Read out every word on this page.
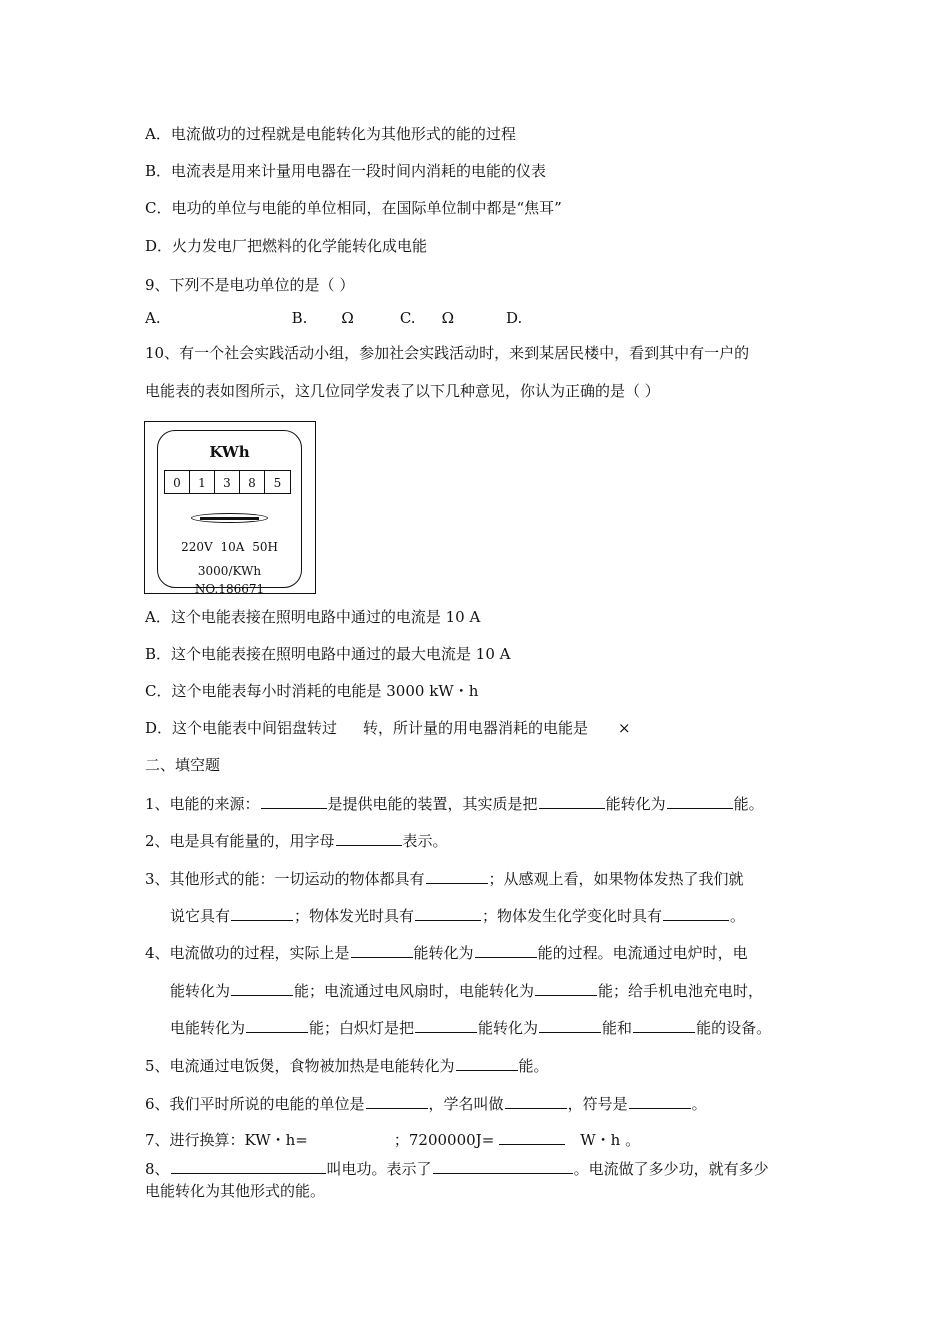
A．电流做功的过程就是电能转化为其他形式的能的过程
B．电流表是用来计量用电器在一段时间内消耗的电能的仪表
C．电功的单位与电能的单位相同，在国际单位制中都是“焦耳”
D．火力发电厂把燃料的化学能转化成电能
9、下列不是电功单位的是（ ）
A.	B. Ω	C. Ω	D.
10、有一个社会实践活动小组，参加社会实践活动时，来到某居民楼中，看到其中有一户的
电能表的表如图所示，这几位同学发表了以下几种意见，你认为正确的是（ ）
KWh
0	1	3	8	5
220V 10A 50H
3000/KWh
NO.186671
A．这个电能表接在照明电路中通过的电流是 10 A
B．这个电能表接在照明电路中通过的最大电流是 10 A
C．这个电能表每小时消耗的电能是 3000 kW・h
D．这个电能表中间铝盘转过 转，所计量的用电器消耗的电能是 ×
二、填空题
1、电能的来源：	是提供电能的装置，其实质是把	能转化为	能。
2、电是具有能量的，用字母	表示。
3、其他形式的能：一切运动的物体都具有	；从感观上看，如果物体发热了我们就
说它具有	；物体发光时具有	；物体发生化学变化时具有	。
4、电流做功的过程，实际上是	能转化为	能的过程。电流通过电炉时，电
能转化为	能；电流通过电风扇时，电能转化为	能；给手机电池充电时，
电能转化为	能；白炽灯是把	能转化为	能和	能的设备。
5、电流通过电饭煲，食物被加热是电能转化为	能。
6、我们平时所说的电能的单位是	，学名叫做	，符号是	。
7、进行换算：KW・h=	；7200000J=	W・h 。
8、	叫电功。表示了	。电流做了多少功，就有多少
电能转化为其他形式的能。
